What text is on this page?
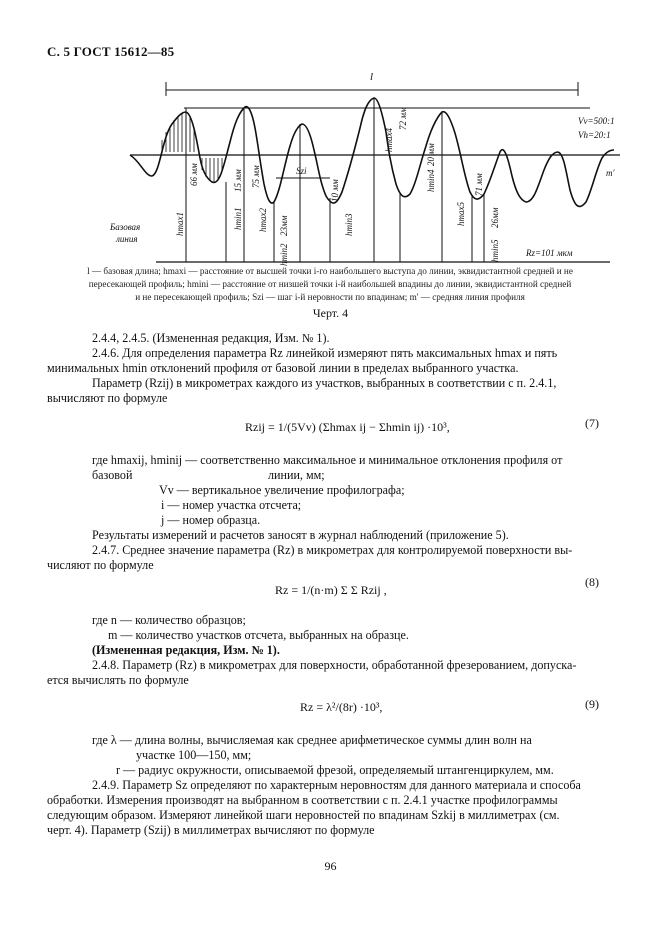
С. 5 ГОСТ 15612—85
l
Vv=500:1
Vh=20:1
m'
Szi
Базовая
линия
Rz=101 мкм
hmax1
66 мм
hmin1
15 мм 75 мм
hmax2
hmin2
23мм
10 мм
hmin3
hmax4
72 мм
hmin4
20 мм
hmax5
71 мм
hmin5
26мм
l — базовая длина; hmaxi — расстояние от высшей точки i-го наибольшего выступа до линии, эквидистантной средней и не
пересекающей профиль; hmini — расстояние от низшей точки i-й наибольшей впадины до линии, эквидистантной средней
и не пересекающей профиль; Szi — шаг i-й неровности по впадинам; m' — средняя линия профиля
Черт. 4
2.4.4, 2.4.5. (Измененная редакция, Изм. № 1).
2.4.6. Для определения параметра Rz линейкой измеряют пять максимальных hmax и пять
минимальных hmin отклонений профиля от базовой линии в пределах выбранного участка.
Параметр (Rzij) в микрометрах каждого из участков, выбранных в соответствии с п. 2.4.1,
вычисляют по формуле
Rzij = 1/(5Vv) (Σhmax ij − Σhmin ij) ·10³,	(7)
где hmaxij, hminij — соответственно максимальное и минимальное отклонения профиля от базовой	линии, мм;
Vv — вертикальное увеличение профилографа;
i — номер участка отсчета;
j — номер образца.
Результаты измерений и расчетов заносят в журнал наблюдений (приложение 5).
2.4.7. Среднее значение параметра (Rz) в микрометрах для контролируемой поверхности вы-
числяют по формуле
Rz = 1/(n·m) Σ Σ Rzij ,
(8)
где n — количество образцов;
m — количество участков отсчета, выбранных на образце.
(Измененная редакция, Изм. № 1).
2.4.8. Параметр (Rz) в микрометрах для поверхности, обработанной фрезерованием, допуска-
ется вычислять по формуле
Rz = λ²/(8r) ·10³,	(9)
где λ — длина волны, вычисляемая как среднее арифметическое суммы длин волн на
участке 100—150, мм;
r — радиус окружности, описываемой фрезой, определяемый штангенциркулем, мм.
2.4.9. Параметр Sz определяют по характерным неровностям для данного материала и способа
обработки. Измерения производят на выбранном в соответствии с п. 2.4.1 участке профилограммы
следующим образом. Измеряют линейкой шаги неровностей по впадинам Szkij в миллиметрах (см.
черт. 4). Параметр (Szij) в миллиметрах вычисляют по формуле
96
